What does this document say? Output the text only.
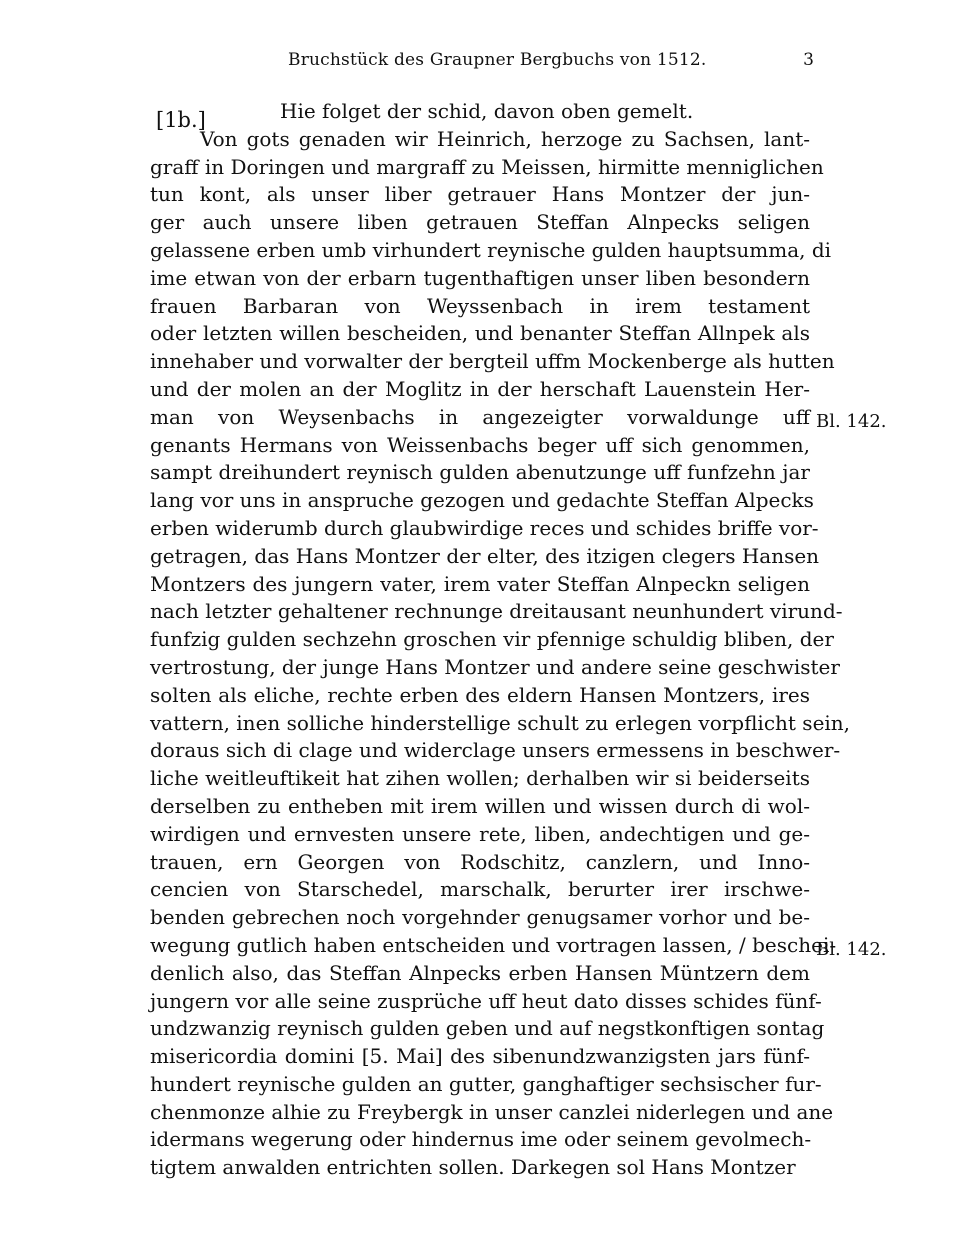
Bruchstück des Graupner Bergbuchs von 1512.	3
[1b.]	Hie folget der schid, davon oben gemelt.
Von gots genaden wir Heinrich, herzoge zu Sachsen, lant-
graff in Doringen und margraff zu Meissen, hirmitte menniglichen
tun kont, als unser liber getrauer Hans Montzer der jun-
ger auch unsere liben getrauen Steffan Alnpecks seligen
gelassene erben umb virhundert reynische gulden hauptsumma, di
ime etwan von der erbarn tugenthaftigen unser liben besondern
frauen Barbaran von Weyssenbach in irem testament
oder letzten willen bescheiden, und benanter Steffan Allnpek als
innehaber und vorwalter der bergteil uffm Mockenberge als hutten
und der molen an der Moglitz in der herschaft Lauenstein Her-
man von Weysenbachs in angezeigter vorwaldunge uff
genants Hermans von Weissenbachs beger uff sich genommen,
sampt dreihundert reynisch gulden abenutzunge uff funfzehn jar
lang vor uns in anspruche gezogen und gedachte Steffan Alpecks
erben widerumb durch glaubwirdige reces und schides briffe vor-
getragen, das Hans Montzer der elter, des itzigen clegers Hansen
Montzers des jungern vater, irem vater Steffan Alnpeckn seligen
nach letzter gehaltener rechnunge dreitausant neunhundert virund-
funfzig gulden sechzehn groschen vir pfennige schuldig bliben, der
vertrostung, der junge Hans Montzer und andere seine geschwister
solten als eliche, rechte erben des eldern Hansen Montzers, ires
vattern, inen solliche hinderstellige schult zu erlegen vorpflicht sein,
doraus sich di clage und widerclage unsers ermessens in beschwer-
liche weitleuftikeit hat zihen wollen; derhalben wir si beiderseits
derselben zu entheben mit irem willen und wissen durch di wol-
wirdigen und ernvesten unsere rete, liben, andechtigen und ge-
trauen, ern Georgen von Rodschitz, canzlern, und Inno-
cencien von Starschedel, marschalk, berurter irer irschwe-
benden gebrechen noch vorgehnder genugsamer vorhor und be-
wegung gutlich haben entscheiden und vortragen lassen, / beschei-
denlich also, das Steffan Alnpecks erben Hansen Müntzern dem
jungern vor alle seine zusprüche uff heut dato disses schides fünf-
undzwanzig reynisch gulden geben und auf negstkonftigen sontag
misericordia domini [5. Mai] des sibenundzwanzigsten jars fünf-
hundert reynische gulden an gutter, ganghaftiger sechsischer fur-
chenmonze alhie zu Freybergk in unser canzlei niderlegen und ane
idermans wegerung oder hindernus ime oder seinem gevolmech-
tigtem anwalden entrichten sollen. Darkegen sol Hans Montzer
Bl. 142.
Bl. 142.
